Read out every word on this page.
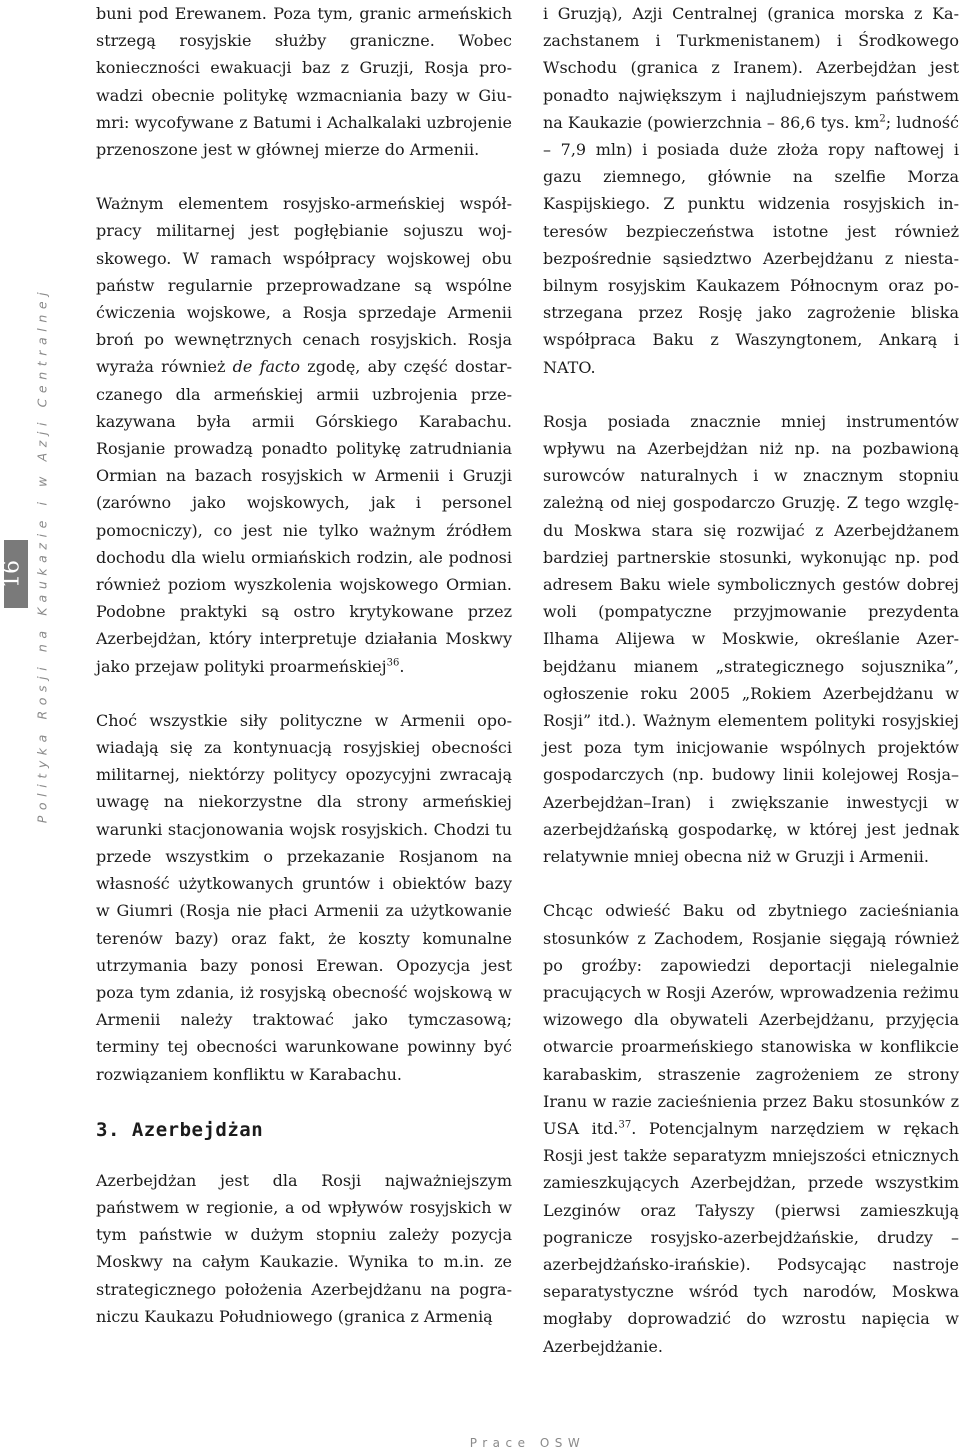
16 Polityka Rosji na Kaukazie i w Azji Centralnej

buni pod Erewanem. Poza tym, granic armeńskich strzegą rosyjskie służby graniczne. Wobec konieczności ewakuacji baz z Gruzji, Rosja prowadzi obecnie politykę wzmacniania bazy w Giumri: wycofywane z Batumi i Achalkalaki uzbrojenie przenoszone jest w głównej mierze do Armenii.

Ważnym elementem rosyjsko-armeńskiej współpracy militarnej jest pogłębianie sojuszu wojskowego. W ramach współpracy wojskowej obu państw regularnie przeprowadzane są wspólne ćwiczenia wojskowe, a Rosja sprzedaje Armenii broń po wewnętrznych cenach rosyjskich. Rosja wyraża również de facto zgodę, aby część dostarczanego dla armeńskiej armii uzbrojenia przekazywana była armii Górskiego Karabachu. Rosjanie prowadzą ponadto politykę zatrudniania Ormian na bazach rosyjskich w Armenii i Gruzji (zarówno jako wojskowych, jak i personel pomocniczy), co jest nie tylko ważnym źródłem dochodu dla wielu ormiańskich rodzin, ale podnosi również poziom wyszkolenia wojskowego Ormian. Podobne praktyki są ostro krytykowane przez Azerbejdżan, który interpretuje działania Moskwy jako przejaw polityki proarmeńskiej$^{36}$.

Choć wszystkie siły polityczne w Armenii opowiadają się za kontynuacją rosyjskiej obecności militarnej, niektórzy politycy opozycyjni zwracają uwagę na niekorzystne dla strony armeńskiej warunki stacjonowania wojsk rosyjskich. Chodzi tu przede wszystkim o przekazanie Rosjanom na własność użytkowanych gruntów i obiektów bazy w Giumri (Rosja nie płaci Armenii za użytkowanie terenów bazy) oraz fakt, że koszty komunalne utrzymania bazy ponosi Erewan. Opozycja jest poza tym zdania, iż rosyjską obecność wojskową w Armenii należy traktować jako tymczasową; terminy tej obecności warunkowane powinny być rozwiązaniem konfliktu w Karabachu.

3. Azerbejdżan

Azerbejdżan jest dla Rosji najważniejszym państwem w regionie, a od wpływów rosyjskich w tym państwie w dużym stopniu zależy pozycja Moskwy na całym Kaukazie. Wynika to m.in. ze strategicznego położenia Azerbejdżanu na pograniczu Kaukazu Południowego (granica z Armenią

i Gruzją), Azji Centralnej (granica morska z Kazachstanem i Turkmenistanem) i Środkowego Wschodu (granica z Iranem). Azerbejdżan jest ponadto największym i najludniejszym państwem na Kaukazie (powierzchnia – 86,6 tys. $km^2$; ludność – 7,9 mln) i posiada duże złoża ropy naftowej i gazu ziemnego, głównie na szelfie Morza Kaspijskiego. Z punktu widzenia rosyjskich interesów bezpieczeństwa istotne jest również bezpośrednie sąsiedztwo Azerbejdżanu z niestabilnym rosyjskim Kaukazem Północnym oraz postrzegana przez Rosję jako zagrożenie bliska współpraca Baku z Waszyngtonem, Ankarą i NATO.

Rosja posiada znacznie mniej instrumentów wpływu na Azerbejdżan niż np. na pozbawioną surowców naturalnych i w znacznym stopniu zależną od niej gospodarczo Gruzję. Z tego względu Moskwa stara się rozwijać z Azerbejdżanem bardziej partnerskie stosunki, wykonując np. pod adresem Baku wiele symbolicznych gestów dobrej woli (pompatyczne przyjmowanie prezydenta Ilhama Alijewa w Moskwie, określanie Azerbejdżanu mianem „strategicznego sojusznika”, ogłoszenie roku 2005 „Rokiem Azerbejdżanu w Rosji” itd.). Ważnym elementem polityki rosyjskiej jest poza tym inicjowanie wspólnych projektów gospodarczych (np. budowy linii kolejowej Rosja–Azerbejdżan–Iran) i zwiększanie inwestycji w azerbejdżańską gospodarkę, w której jest jednak relatywnie mniej obecna niż w Gruzji i Armenii.

Chcąc odwieść Baku od zbytniego zacieśniania stosunków z Zachodem, Rosjanie sięgają również po groźby: zapowiedzi deportacji nielegalnie pracujących w Rosji Azerów, wprowadzenia reżimu wizowego dla obywateli Azerbejdżanu, przyjęcia otwarcie proarmeńskiego stanowiska w konflikcie karabaskim, straszenie zagrożeniem ze strony Iranu w razie zacieśnienia przez Baku stosunków z USA itd.$^{37}$. Potencjalnym narzędziem w rękach Rosji jest także separatyzm mniejszości etnicznych zamieszkujących Azerbejdżan, przede wszystkim Lezginów oraz Tałyszy (pierwsi zamieszkują pogranicze rosyjsko-azerbejdżańskie, drudzy – azerbejdżańsko-irańskie). Podsycając nastroje separatystyczne wśród tych narodów, Moskwa mogłaby doprowadzić do wzrostu napięcia w Azerbejdżanie.

Prace OSW
